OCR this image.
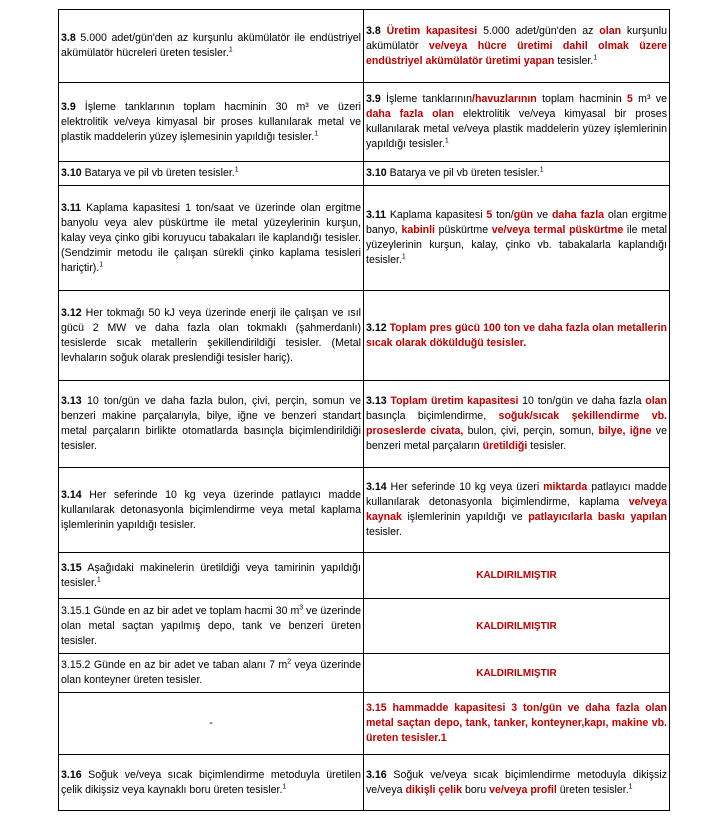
3.8 5.000 adet/gün'den az kurşunlu akümülatör ile endüstriyel akümülatör hücreleri üreten tesisler.$^1$	3.8 Üretim kapasitesi 5.000 adet/gün'den az olan kurşunlu akümülatör ve/veya hücre üretimi dahil olmak üzere endüstriyel akümülatör üretimi yapan tesisler.$^1$
3.9 İşleme tanklarının toplam hacminin 30 m³ ve üzeri elektrolitik ve/veya kimyasal bir proses kullanılarak metal ve plastik maddelerin yüzey işlemesinin yapıldığı tesisler.$^1$	3.9 İşleme tanklarının/havuzlarının toplam hacminin 5 m³ ve daha fazla olan elektrolitik ve/veya kimyasal bir proses kullanılarak metal ve/veya plastik maddelerin yüzey işlemlerinin yapıldığı tesisler.$^1$
3.10 Batarya ve pil vb üreten tesisler.$^1$	3.10 Batarya ve pil vb üreten tesisler.$^1$
3.11 Kaplama kapasitesi 1 ton/saat ve üzerinde olan ergitme banyolu veya alev püskürtme ile metal yüzeylerinin kurşun, kalay veya çinko gibi koruyucu tabakaları ile kaplandığı tesisler.(Sendzimir metodu ile çalışan sürekli çinko kaplama tesisleri hariçtir).$^1$	3.11 Kaplama kapasitesi 5 ton/gün ve daha fazla olan ergitme banyo, kabinli püskürtme ve/veya termal püskürtme ile metal yüzeylerinin kurşun, kalay, çinko vb. tabakalarla kaplandığı tesisler.$^1$
3.12 Her tokmağı 50 kJ veya üzerinde enerji ile çalışan ve ısıl gücü 2 MW ve daha fazla olan tokmaklı (şahmerdanlı) tesislerde sıcak metallerin şekillendirildiği tesisler. (Metal levhaların soğuk olarak preslendiği tesisler hariç).	3.12 Toplam pres gücü 100 ton ve daha fazla olan metallerin sıcak olarak dökülduğü tesisler.
3.13 10 ton/gün ve daha fazla bulon, çivi, perçin, somun ve benzeri makine parçalarıyla, bilye, iğne ve benzeri standart metal parçaların birlikte otomatlarda basınçla biçimlendirildiği tesisler.	3.13 Toplam üretim kapasitesi 10 ton/gün ve daha fazla olan basınçla biçimlendirme, soğuk/sıcak şekillendirme vb. proseslerde civata, bulon, çivi, perçin, somun, bilye, iğne ve benzeri metal parçaların üretildiği tesisler.
3.14 Her seferinde 10 kg veya üzerinde patlayıcı madde kullanılarak detonasyonla biçimlendirme veya metal kaplama işlemlerinin yapıldığı tesisler.	3.14 Her seferinde 10 kg veya üzeri miktarda patlayıcı madde kullanılarak detonasyonla biçimlendirme, kaplama ve/veya kaynak işlemlerinin yapıldığı ve patlayıcılarla baskı yapılan tesisler.
3.15 Aşağıdaki makinelerin üretildiği veya tamirinin yapıldığı tesisler.$^1$	KALDIRILMIŞTIR
3.15.1 Günde en az bir adet ve toplam hacmi 30 $m^3$ ve üzerinde olan metal saçtan yapılmış depo, tank ve benzeri üreten tesisler.	KALDIRILMIŞTIR
3.15.2 Günde en az bir adet ve taban alanı 7 $m^2$ veya üzerinde olan konteyner üreten tesisler.	KALDIRILMIŞTIR
-	3.15 hammadde kapasitesi 3 ton/gün ve daha fazla olan metal saçtan depo, tank, tanker, konteyner,kapı, makine vb. üreten tesisler.1
3.16 Soğuk ve/veya sıcak biçimlendirme metoduyla üretilen çelik dikişsiz veya kaynaklı boru üreten tesisler.$^1$	3.16 Soğuk ve/veya sıcak biçimlendirme metoduyla dikişsiz ve/veya dikişli çelik boru ve/veya profil üreten tesisler.$^1$
